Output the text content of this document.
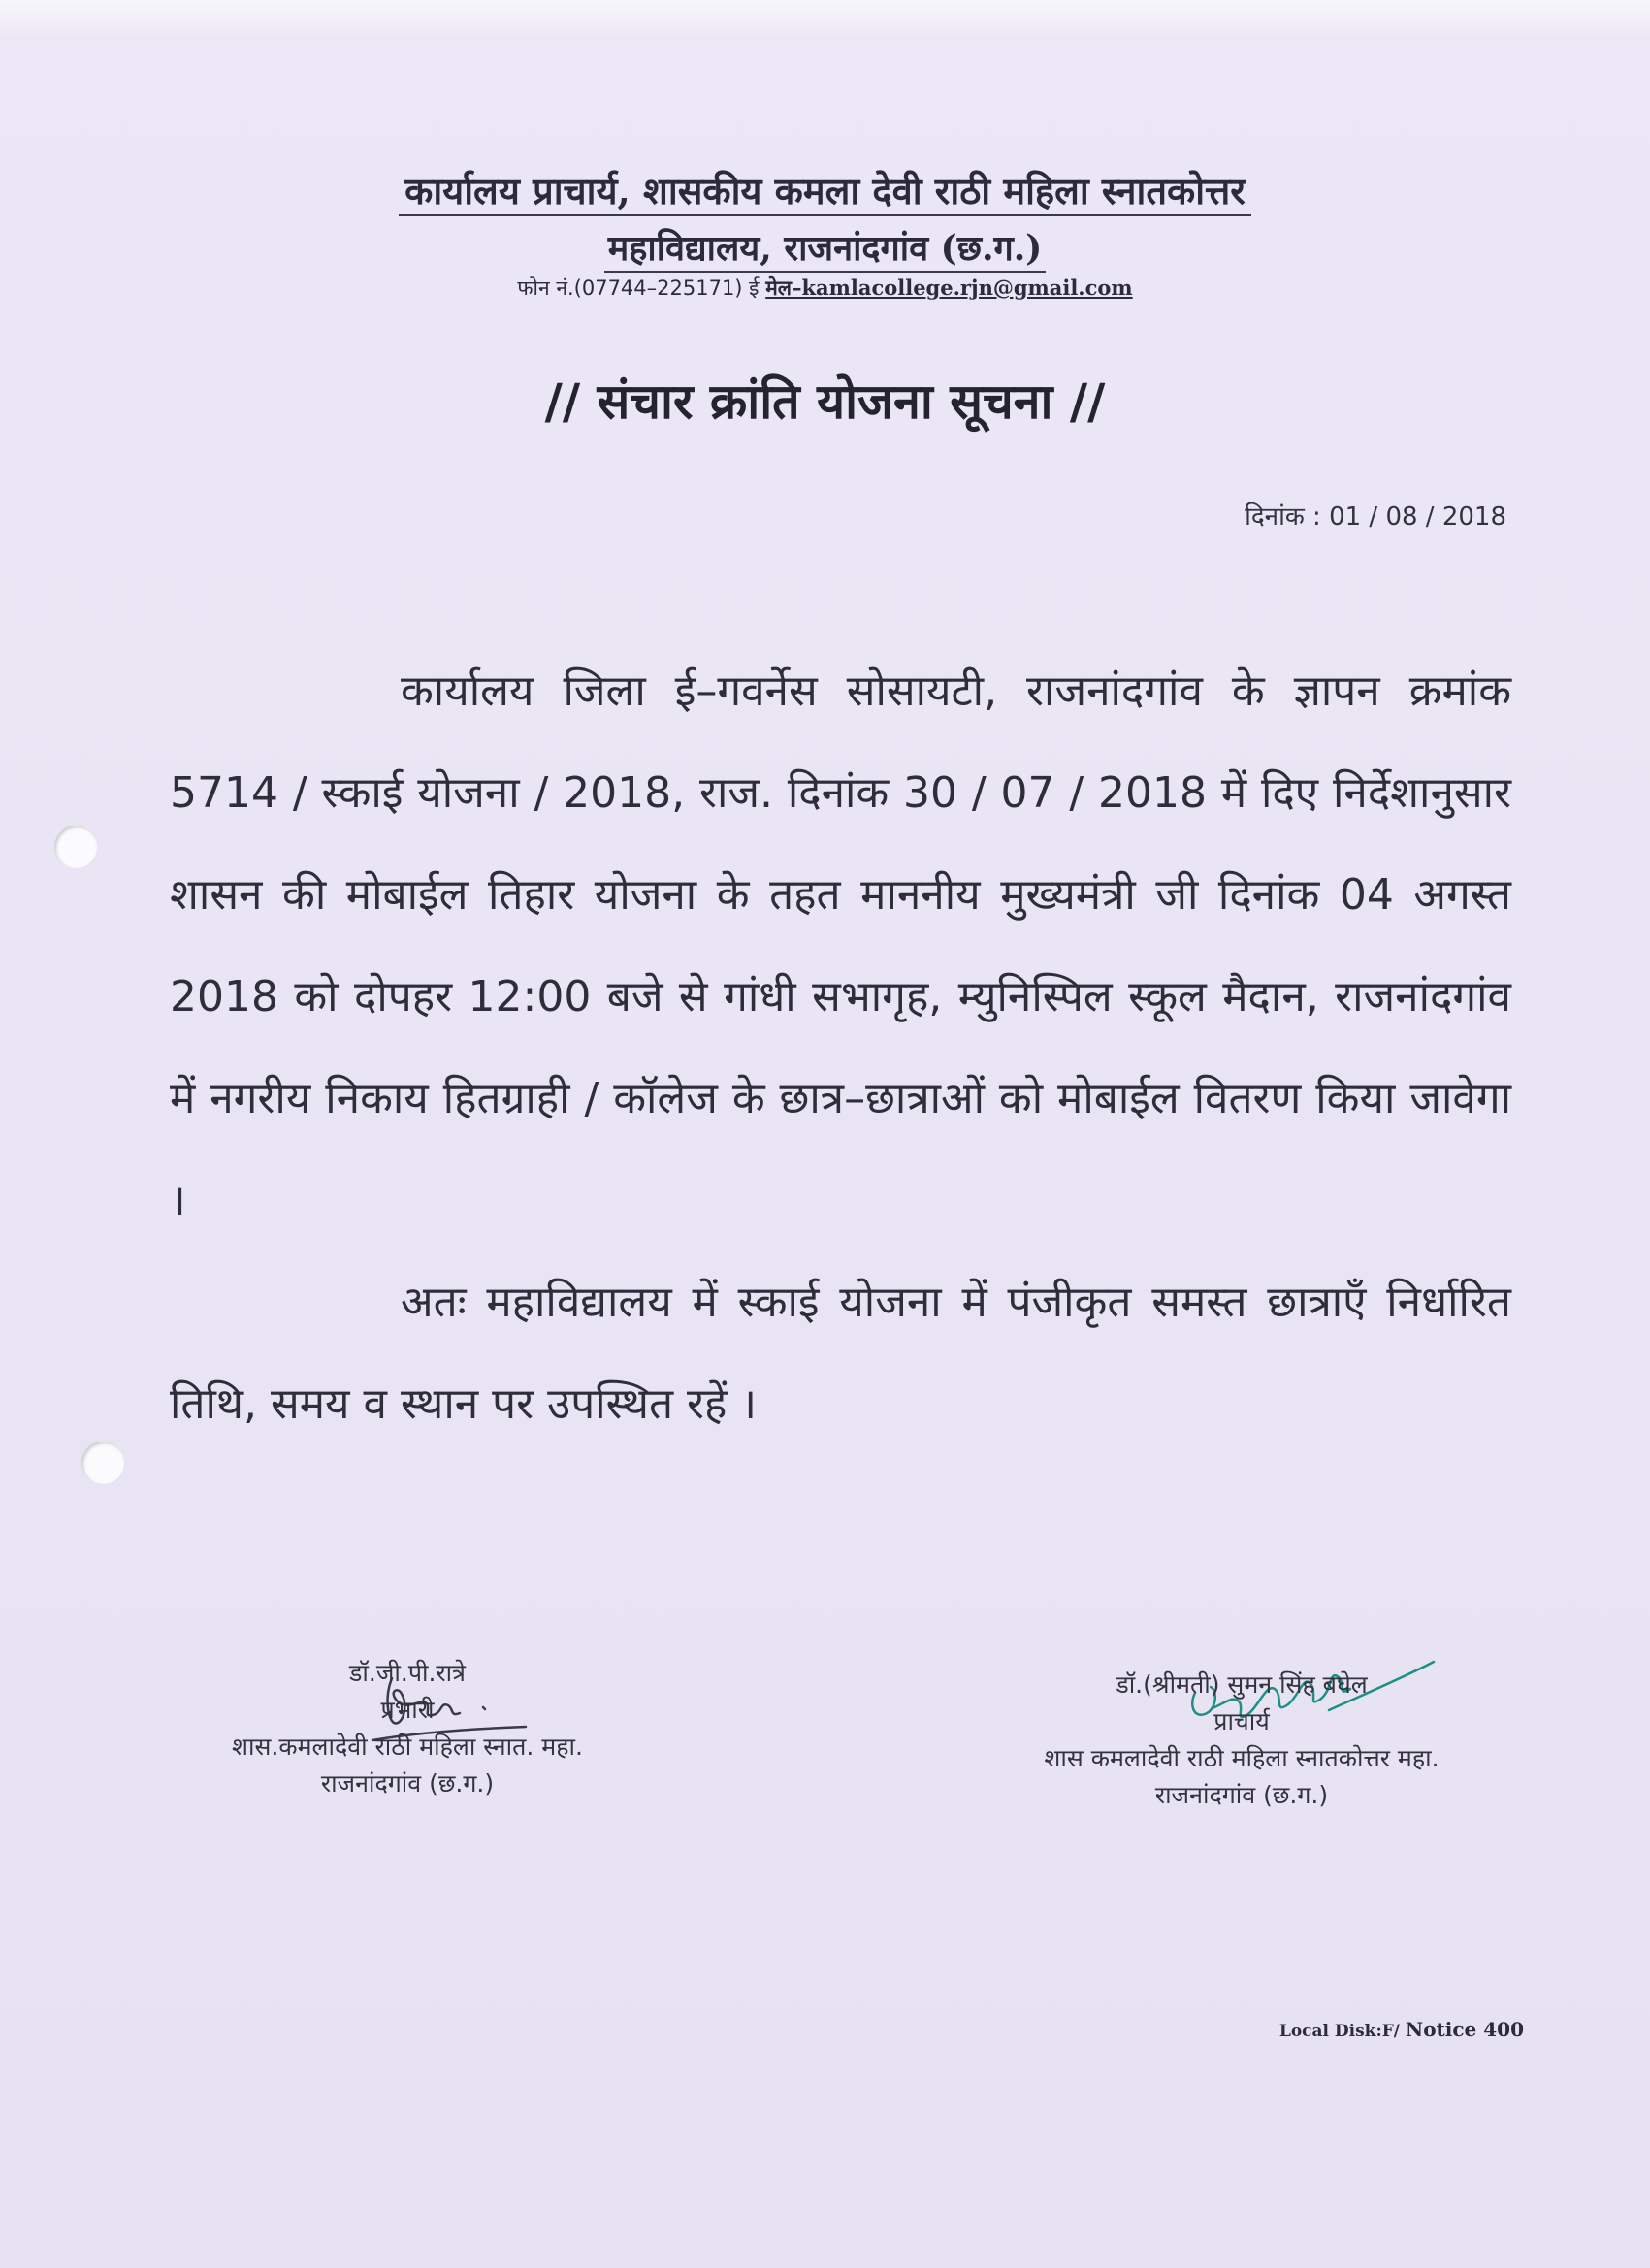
कार्यालय प्राचार्य, शासकीय कमला देवी राठी महिला स्नातकोत्तर
महाविद्यालय, राजनांदगांव (छ.ग.)
फोन नं.(07744–225171) ई मेल–kamlacollege.rjn@gmail.com
// संचार क्रांति योजना सूचना //
दिनांक : 01 / 08 / 2018

कार्यालय जिला ई–गवर्नेस सोसायटी, राजनांदगांव के ज्ञापन क्रमांक 5714 / स्काई योजना / 2018, राज. दिनांक 30 / 07 / 2018 में दिए निर्देशानुसार शासन की मोबाईल तिहार योजना के तहत माननीय मुख्यमंत्री जी दिनांक 04 अगस्त 2018 को दोपहर 12:00 बजे से गांधी सभागृह, म्युनिस्पिल स्कूल मैदान, राजनांदगांव में नगरीय निकाय हितग्राही / कॉलेज के छात्र–छात्राओं को मोबाईल वितरण किया जावेगा ।

अतः महाविद्यालय में स्काई योजना में पंजीकृत समस्त छात्राएँ निर्धारित तिथि, समय व स्थान पर उपस्थित रहें ।

डॉ.जी.पी.रात्रे
प्रभारी
शास.कमलादेवी राठी महिला स्नात. महा.
राजनांदगांव (छ.ग.)
डॉ.(श्रीमती) सुमन सिंह बघेल
प्राचार्य
शास कमलादेवी राठी महिला स्नातकोत्तर महा.
राजनांदगांव (छ.ग.)
Local Disk:F/ Notice 400
